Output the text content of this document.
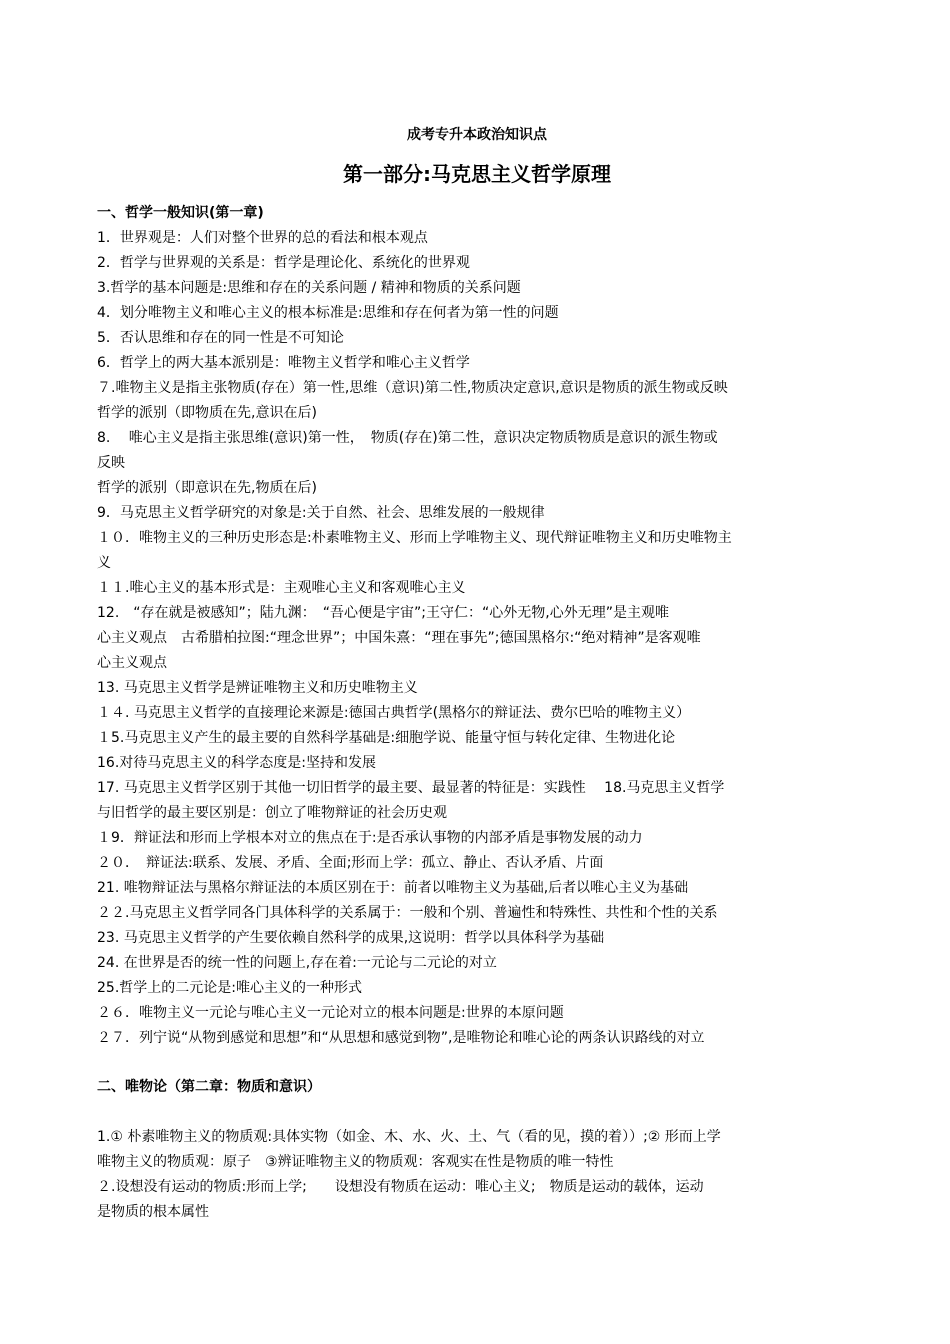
成考专升本政治知识点
第一部分:马克思主义哲学原理
一、哲学一般知识(第一章)
1．世界观是：人们对整个世界的总的看法和根本观点
2．哲学与世界观的关系是：哲学是理论化、系统化的世界观
3.哲学的基本问题是:思维和存在的关系问题 / 精神和物质的关系问题
4．划分唯物主义和唯心主义的根本标准是:思维和存在何者为第一性的问题
5．否认思维和存在的同一性是不可知论
6．哲学上的两大基本派别是：唯物主义哲学和唯心主义哲学
７.唯物主义是指主张物质(存在）第一性,思维（意识)第二性,物质决定意识,意识是物质的派生物或反映
哲学的派别（即物质在先,意识在后)
8.　 唯心主义是指主张思维(意识)第一性，　物质(存在)第二性，意识决定物质物质是意识的派生物或
反映
哲学的派别（即意识在先,物质在后)
9．马克思主义哲学研究的对象是:关于自然、社会、思维发展的一般规律
１０．唯物主义的三种历史形态是:朴素唯物主义、形而上学唯物主义、现代辩证唯物主义和历史唯物主
义
１１.唯心主义的基本形式是：主观唯心主义和客观唯心主义
12.　“存在就是被感知”；陆九渊：　“吾心便是宇宙”;王守仁：“心外无物,心外无理”是主观唯
心主义观点　古希腊柏拉图:“理念世界”；中国朱熹：“理在事先”;德国黑格尔:“绝对精神”是客观唯
心主义观点
13. 马克思主义哲学是辨证唯物主义和历史唯物主义
１４. 马克思主义哲学的直接理论来源是:德国古典哲学(黑格尔的辩证法、费尔巴哈的唯物主义）
１5.马克思主义产生的最主要的自然科学基础是:细胞学说、能量守恒与转化定律、生物进化论
16.对待马克思主义的科学态度是:坚持和发展
17. 马克思主义哲学区别于其他一切旧哲学的最主要、最显著的特征是：实践性　 18.马克思主义哲学
与旧哲学的最主要区别是：创立了唯物辩证的社会历史观
１9．辩证法和形而上学根本对立的焦点在于:是否承认事物的内部矛盾是事物发展的动力
２０．　辩证法:联系、发展、矛盾、全面;形而上学：孤立、静止、否认矛盾、片面
21. 唯物辩证法与黑格尔辩证法的本质区别在于：前者以唯物主义为基础,后者以唯心主义为基础
２２.马克思主义哲学同各门具体科学的关系属于：一般和个别、普遍性和特殊性、共性和个性的关系
23. 马克思主义哲学的产生要依赖自然科学的成果,这说明：哲学以具体科学为基础
24. 在世界是否的统一性的问题上,存在着:一元论与二元论的对立
25.哲学上的二元论是:唯心主义的一种形式
２６．唯物主义一元论与唯心主义一元论对立的根本问题是:世界的本原问题
２７．列宁说“从物到感觉和思想”和“从思想和感觉到物”,是唯物论和唯心论的两条认识路线的对立
二、唯物论（第二章：物质和意识）
1.① 朴素唯物主义的物质观:具体实物（如金、木、水、火、土、气（看的见，摸的着））;② 形而上学
唯物主义的物质观：原子　③辨证唯物主义的物质观：客观实在性是物质的唯一特性
２.设想没有运动的物质:形而上学;　　设想没有物质在运动：唯心主义;　物质是运动的载体，运动
是物质的根本属性
